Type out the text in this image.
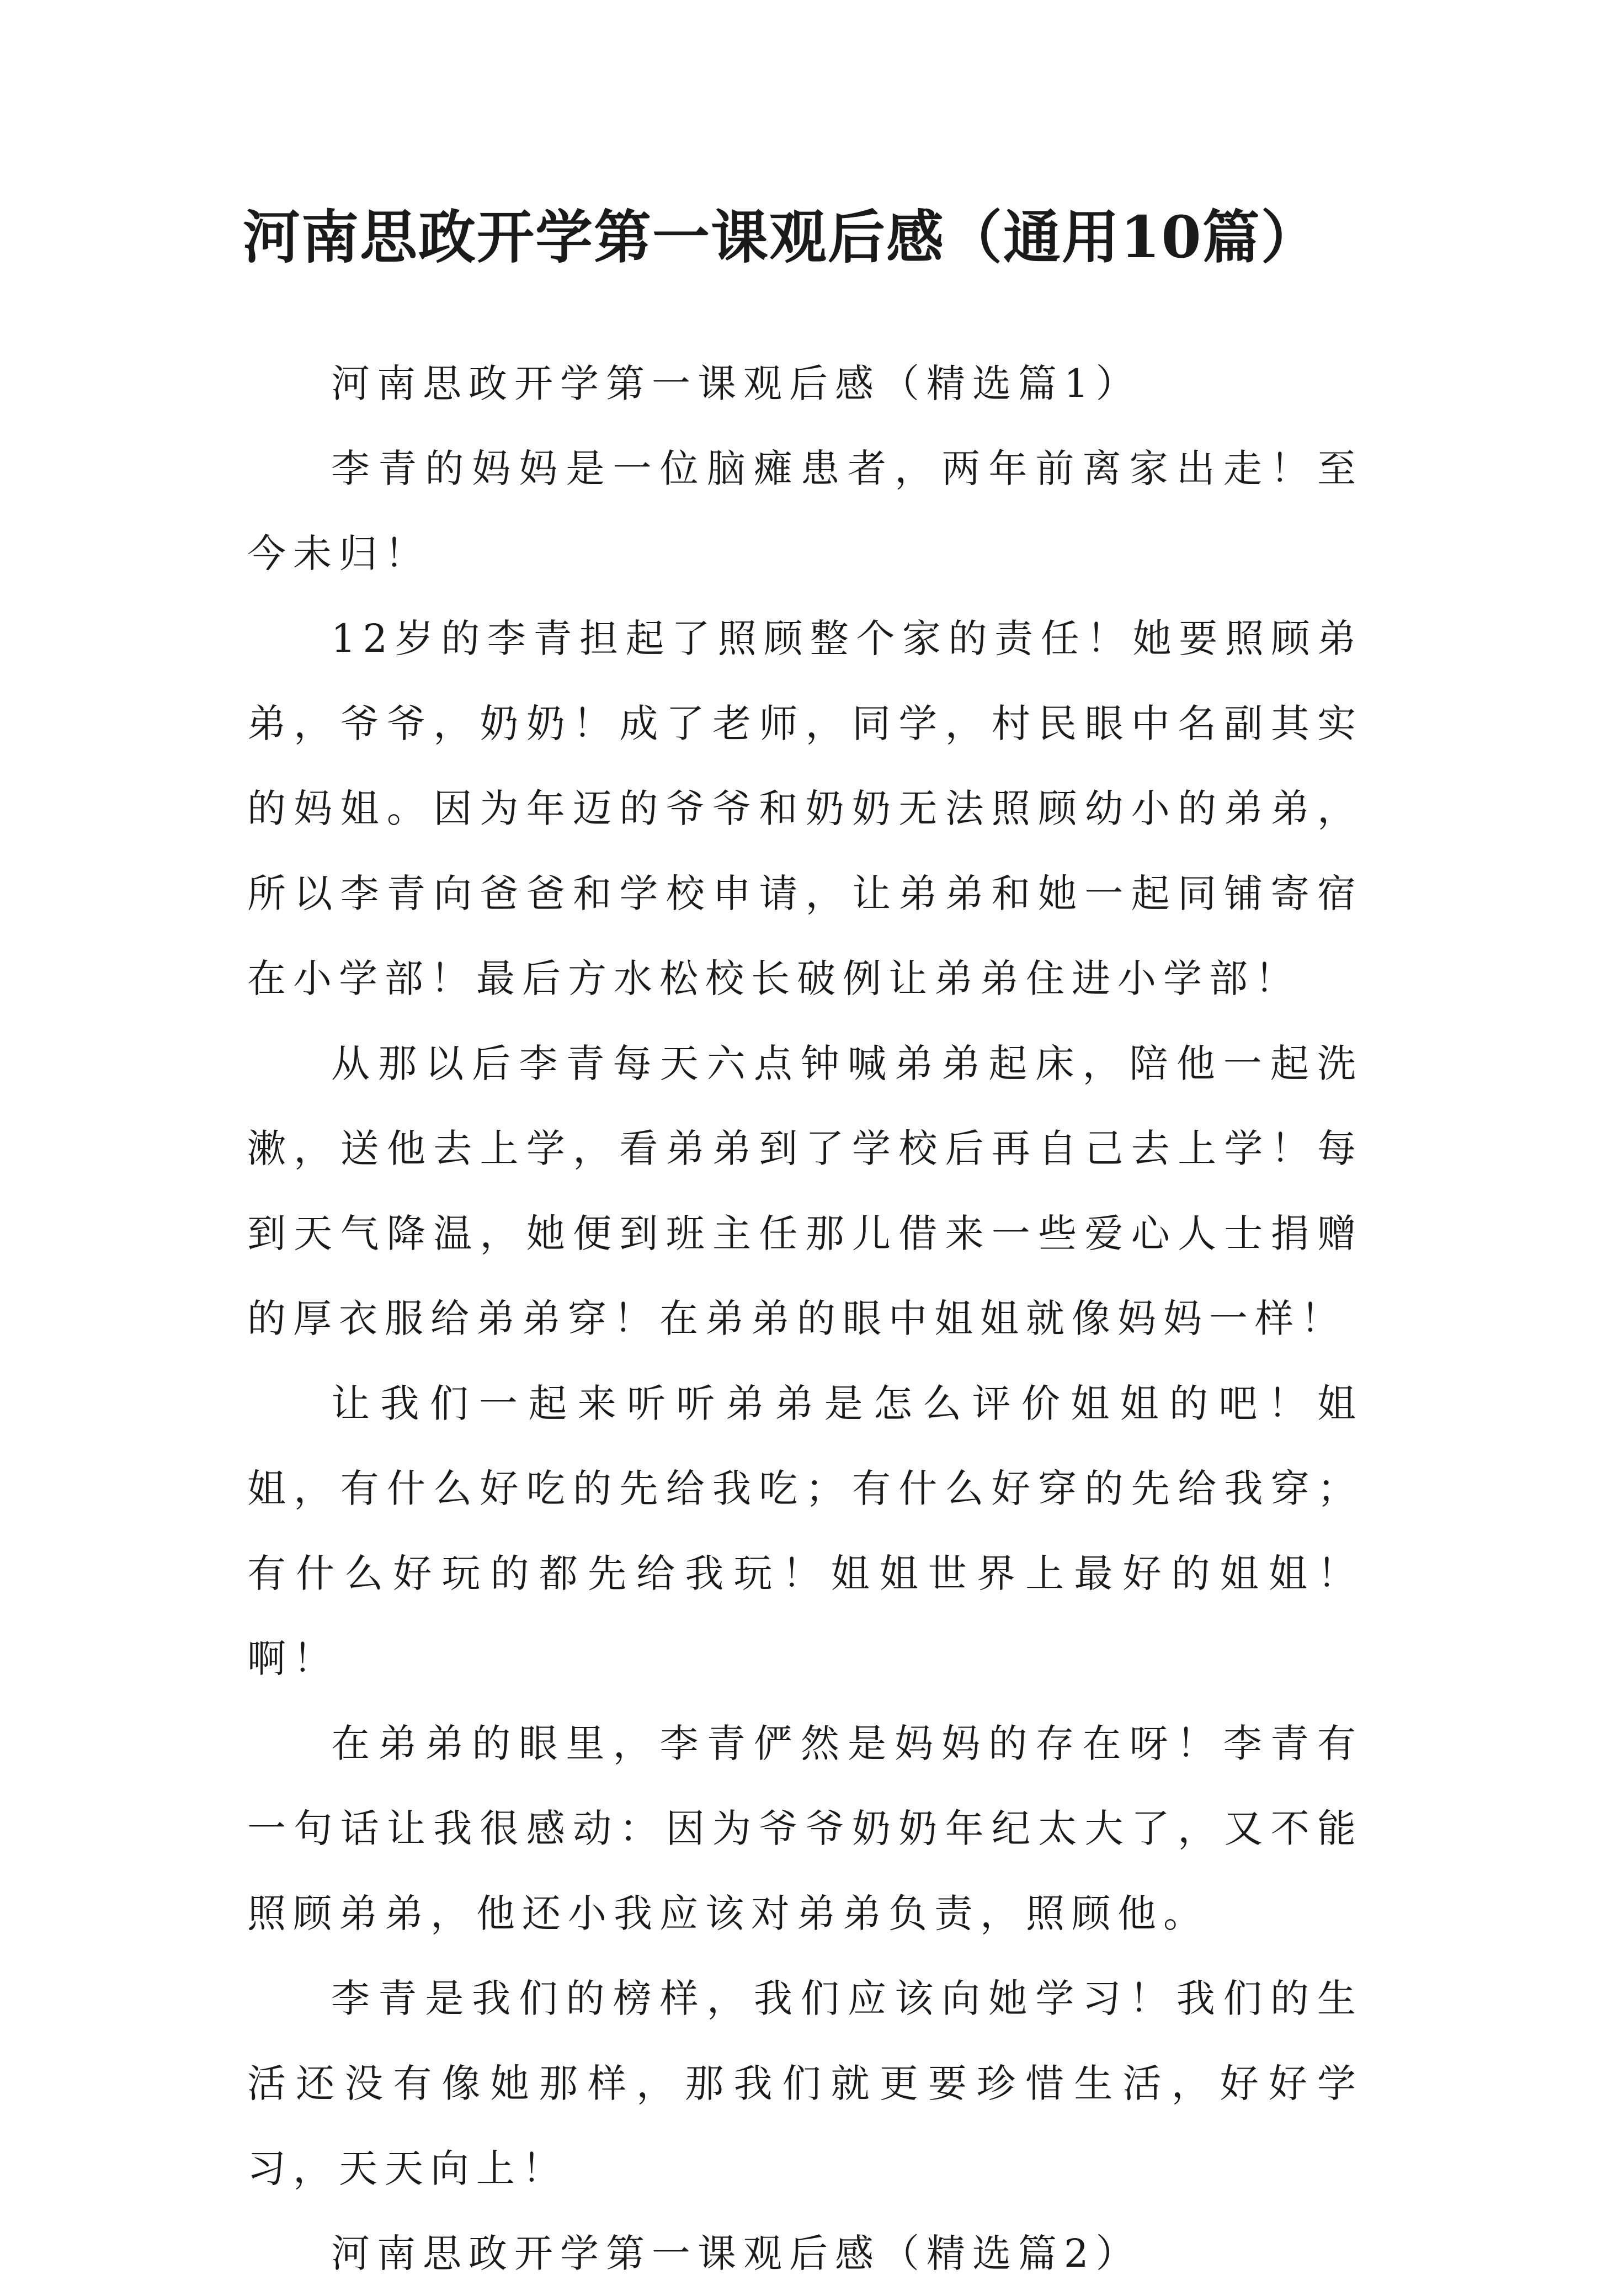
河南思政开学第一课观后感（通用10篇）

河南思政开学第一课观后感（精选篇1）

李青的妈妈是一位脑瘫患者，两年前离家出走！至今未归！

12岁的李青担起了照顾整个家的责任！她要照顾弟弟，爷爷，奶奶！成了老师，同学，村民眼中名副其实的妈姐。因为年迈的爷爷和奶奶无法照顾幼小的弟弟，所以李青向爸爸和学校申请，让弟弟和她一起同铺寄宿在小学部！最后方水松校长破例让弟弟住进小学部！

从那以后李青每天六点钟喊弟弟起床，陪他一起洗漱，送他去上学，看弟弟到了学校后再自己去上学！每到天气降温，她便到班主任那儿借来一些爱心人士捐赠的厚衣服给弟弟穿！在弟弟的眼中姐姐就像妈妈一样！

让我们一起来听听弟弟是怎么评价姐姐的吧！姐姐，有什么好吃的先给我吃；有什么好穿的先给我穿；有什么好玩的都先给我玩！姐姐世界上最好的姐姐！啊！

在弟弟的眼里，李青俨然是妈妈的存在呀！李青有一句话让我很感动：因为爷爷奶奶年纪太大了，又不能照顾弟弟，他还小我应该对弟弟负责，照顾他。

李青是我们的榜样，我们应该向她学习！我们的生活还没有像她那样，那我们就更要珍惜生活，好好学习，天天向上！

河南思政开学第一课观后感（精选篇2）
